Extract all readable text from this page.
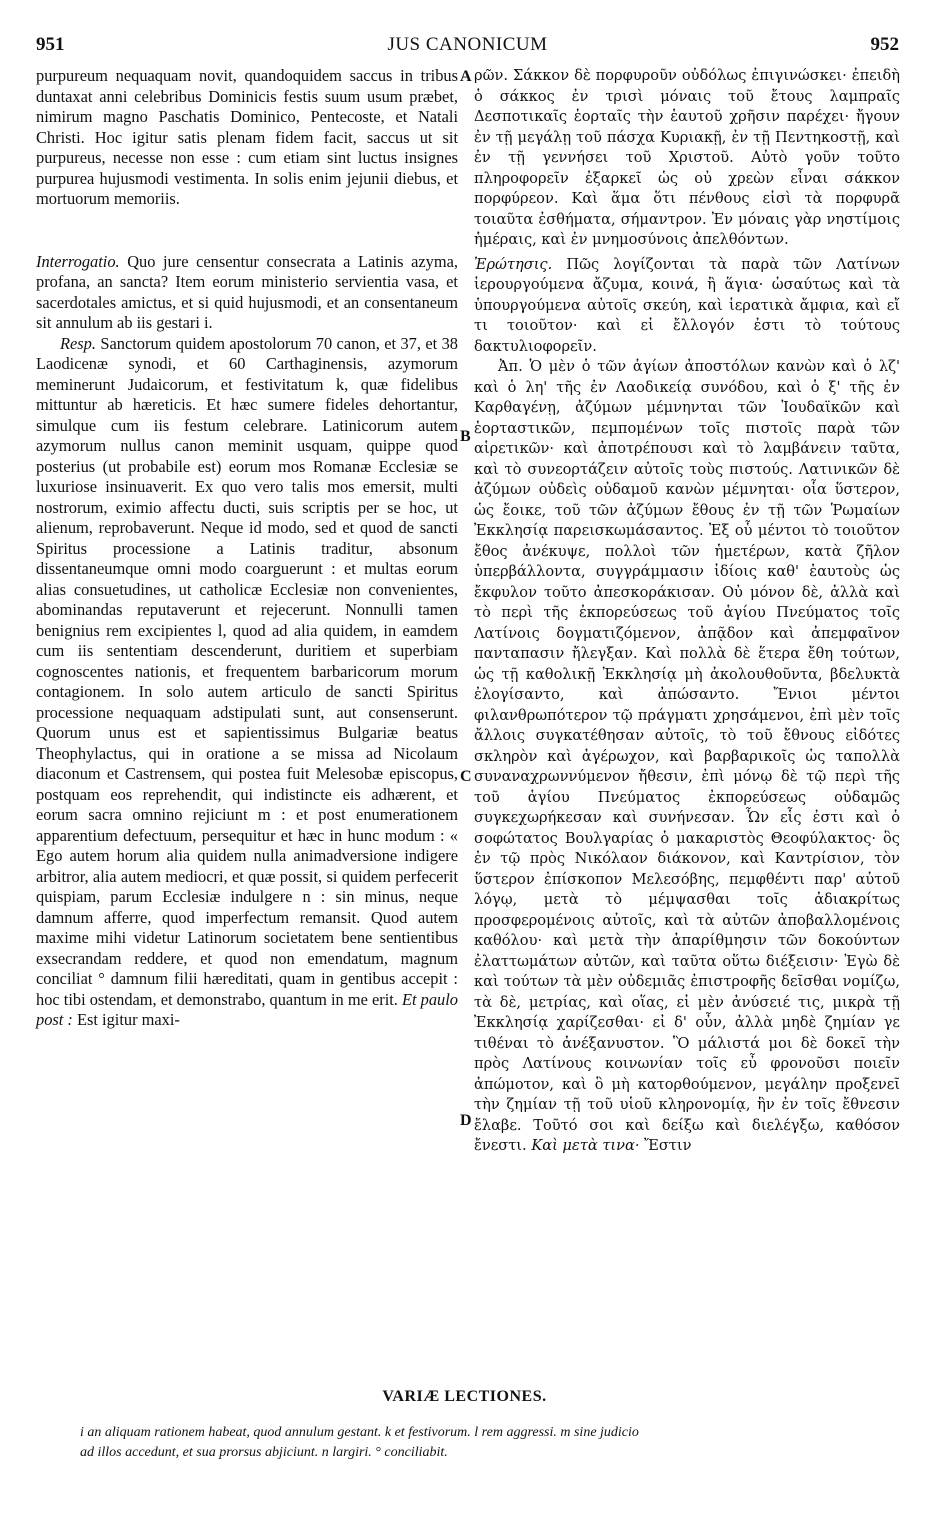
951	JUS CANONICUM	952

purpureum nequaquam novit, quandoquidem saccus in tribus duntaxat anni celebribus Dominicis festis suum usum præbet, nimirum magno Paschatis Dominico, Pentecoste, et Natali Christi. Hoc igitur satis plenam fidem facit, saccus ut sit purpureus, necesse non esse : cum etiam sint luctus insignes purpurea hujusmodi vestimenta. In solis enim jejunii diebus, et mortuorum memoriis.

Interrogatio. Quo jure censentur consecrata a Latinis azyma, profana, an sancta? Item eorum ministerio servientia vasa, et sacerdotales amictus, et si quid hujusmodi, et an consentaneum sit annulum ab iis gestari i.

Resp. Sanctorum quidem apostolorum 70 canon, et 37, et 38 Laodicenæ synodi, et 60 Carthaginensis, azymorum meminerunt Judaicorum, et festivitatum k, quæ fidelibus mittuntur ab hæreticis. Et hæc sumere fideles dehortantur, simulque cum iis festum celebrare. Latinicorum autem azymorum nullus canon meminit usquam, quippe quod posterius (ut probabile est) eorum mos Romanæ Ecclesiæ se luxuriose insinuaverit. Ex quo vero talis mos emersit, multi nostrorum, eximio affectu ducti, suis scriptis per se hoc, ut alienum, reprobaverunt. Neque id modo, sed et quod de sancti Spiritus processione a Latinis traditur, absonum dissentaneumque omni modo coarguerunt : et multas eorum alias consuetudines, ut catholicæ Ecclesiæ non convenientes, abominandas reputaverunt et rejecerunt. Nonnulli tamen benignius rem excipientes l, quod ad alia quidem, in eamdem cum iis sententiam descenderunt, duritiem et superbiam cognoscentes nationis, et frequentem barbaricorum morum contagionem. In solo autem articulo de sancti Spiritus processione nequaquam adstipulati sunt, aut consenserunt. Quorum unus est et sapientissimus Bulgariæ beatus Theophylactus, qui in oratione a se missa ad Nicolaum diaconum et Castrensem, qui postea fuit Melesobæ episcopus, postquam eos reprehendit, qui indistincte eis adhærent, et eorum sacra omnino rejiciunt m : et post enumerationem apparentium defectuum, persequitur et hæc in hunc modum : « Ego autem horum alia quidem nulla animadversione indigere arbitror, alia autem mediocri, et quæ possit, si quidem perfecerit quispiam, parum Ecclesiæ indulgere n : sin minus, neque damnum afferre, quod imperfectum remansit. Quod autem maxime mihi videtur Latinorum societatem bene sentientibus exsecrandam reddere, et quod non emendatum, magnum conciliat ° damnum filii hæreditati, quam in gentibus accepit : hoc tibi ostendam, et demonstrabo, quantum in me erit. Et paulo post : Est igitur maxi-

A
B
C
D

ρῶν. Σάκκον δὲ πορφυροῦν οὐδόλως ἐπιγινώσκει· ἐπειδὴ ὁ σάκκος ἐν τρισὶ μόναις τοῦ ἔτους λαμπραῖς Δεσποτικαῖς ἑορταῖς τὴν ἑαυτοῦ χρῆσιν παρέχει· ἤγουν ἐν τῇ μεγάλῃ τοῦ πάσχα Κυριακῇ, ἐν τῇ Πεντηκοστῇ, καὶ ἐν τῇ γεννήσει τοῦ Χριστοῦ. Αὐτὸ γοῦν τοῦτο πληροφορεῖν ἐξαρκεῖ ὡς οὐ χρεὼν εἶναι σάκκον πορφύρεον. Καὶ ἅμα ὅτι πένθους εἰσὶ τὰ πορφυρᾶ τοιαῦτα ἐσθήματα, σήμαντρον. Ἐν μόναις γὰρ νηστίμοις ἡμέραις, καὶ ἐν μνημοσύνοις ἀπελθόντων.

Ἐρώτησις. Πῶς λογίζονται τὰ παρὰ τῶν Λατίνων ἱερουργούμενα ἄζυμα, κοινά, ἢ ἅγια· ὡσαύτως καὶ τὰ ὑπουργούμενα αὐτοῖς σκεύη, καὶ ἱερατικὰ ἄμφια, καὶ εἴ τι τοιοῦτον· καὶ εἰ ἔλλογόν ἐστι τὸ τούτους δακτυλιοφορεῖν.

Ἀπ. Ὁ μὲν ὁ τῶν ἁγίων ἀποστόλων κανὼν καὶ ὁ λζ' καὶ ὁ λη' τῆς ἐν Λαοδικείᾳ συνόδου, καὶ ὁ ξ' τῆς ἐν Καρθαγένῃ, ἀζύμων μέμνηνται τῶν Ἰουδαϊκῶν καὶ ἑορταστικῶν, πεμπομένων τοῖς πιστοῖς παρὰ τῶν αἱρετικῶν· καὶ ἀποτρέπουσι καὶ τὸ λαμβάνειν ταῦτα, καὶ τὸ συνεορτάζειν αὐτοῖς τοὺς πιστούς. Λατινικῶν δὲ ἀζύμων οὐδεὶς οὐδαμοῦ κανὼν μέμνηται· οἷα ὕστερον, ὡς ἔοικε, τοῦ τῶν ἀζύμων ἔθους ἐν τῇ τῶν Ῥωμαίων Ἐκκλησίᾳ παρεισκωμάσαντος. Ἐξ οὗ μέντοι τὸ τοιοῦτον ἔθος ἀνέκυψε, πολλοὶ τῶν ἡμετέρων, κατὰ ζῆλον ὑπερβάλλοντα, συγγράμμασιν ἰδίοις καθ' ἑαυτοὺς ὡς ἔκφυλον τοῦτο ἀπεσκοράκισαν. Οὐ μόνον δὲ, ἀλλὰ καὶ τὸ περὶ τῆς ἐκπορεύσεως τοῦ ἁγίου Πνεύματος τοῖς Λατίνοις δογματιζόμενον, ἀπᾷδον καὶ ἀπεμφαῖνον πανταπασιν ἤλεγξαν. Καὶ πολλὰ δὲ ἕτερα ἔθη τούτων, ὡς τῇ καθολικῇ Ἐκκλησίᾳ μὴ ἀκολουθοῦντα, βδελυκτὰ ἐλογίσαντο, καὶ ἀπώσαντο. Ἔνιοι μέντοι φιλανθρωπότερον τῷ πράγματι χρησάμενοι, ἐπὶ μὲν τοῖς ἄλλοις συγκατέθησαν αὐτοῖς, τὸ τοῦ ἔθνους εἰδότες σκληρὸν καὶ ἀγέρωχον, καὶ βαρβαρικοῖς ὡς ταπολλὰ συναναχρωννύμενον ἤθεσιν, ἐπὶ μόνῳ δὲ τῷ περὶ τῆς τοῦ ἁγίου Πνεύματος ἐκπορεύσεως οὐδαμῶς συγκεχωρήκεσαν καὶ συνήνεσαν. Ὧν εἷς ἐστι καὶ ὁ σοφώτατος Βουλγαρίας ὁ μακαριστὸς Θεοφύλακτος· ὃς ἐν τῷ πρὸς Νικόλαον διάκονον, καὶ Καντρίσιον, τὸν ὕστερον ἐπίσκοπον Μελεσόβης, πεμφθέντι παρ' αὐτοῦ λόγῳ, μετὰ τὸ μέμψασθαι τοῖς ἀδιακρίτως προσφερομένοις αὐτοῖς, καὶ τὰ αὐτῶν ἀποβαλλομένοις καθόλου· καὶ μετὰ τὴν ἀπαρίθμησιν τῶν δοκούντων ἐλαττωμάτων αὐτῶν, καὶ ταῦτα οὕτω διέξεισιν· Ἐγὼ δὲ καὶ τούτων τὰ μὲν οὐδεμιᾶς ἐπιστροφῆς δεῖσθαι νομίζω, τὰ δὲ, μετρίας, καὶ οἵας, εἰ μὲν ἀνύσειέ τις, μικρὰ τῇ Ἐκκλησίᾳ χαρίζεσθαι· εἰ δ' οὖν, ἀλλὰ μηδὲ ζημίαν γε τιθέναι τὸ ἀνέξανυστον. Ὃ μάλιστά μοι δὲ δοκεῖ τὴν πρὸς Λατίνους κοινωνίαν τοῖς εὖ φρονοῦσι ποιεῖν ἀπώμοτον, καὶ ὃ μὴ κατορθούμενον, μεγάλην προξενεῖ τὴν ζημίαν τῇ τοῦ υἱοῦ κληρονομίᾳ, ἣν ἐν τοῖς ἔθνεσιν ἔλαβε. Τοῦτό σοι καὶ δείξω καὶ διελέγξω, καθόσον ἔνεστι. Καὶ μετὰ τινα· Ἔστιν

VARIÆ LECTIONES.
i an aliquam rationem habeat, quod annulum gestant. k et festivorum. l rem aggressi. m sine judicio
ad illos accedunt, et sua prorsus abjiciunt. n largiri. ° conciliabit.
